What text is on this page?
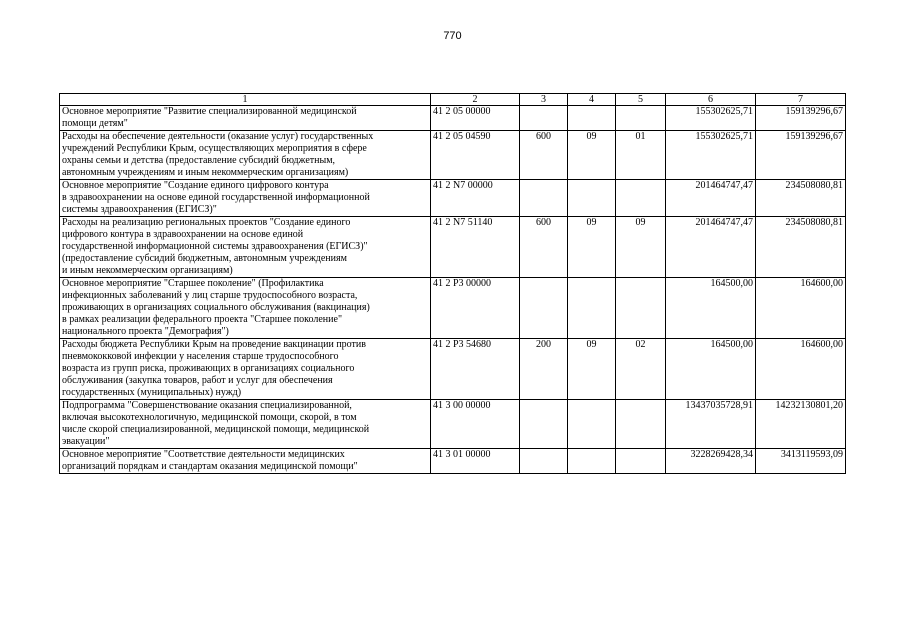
770
1	2	3	4	5	6	7

Основное мероприятие "Развитие специализированной медицинской
помощи детям"	41 2 05 00000				155302625,71	159139296,67

Расходы на обеспечение деятельности (оказание услуг) государственных
учреждений Республики Крым, осуществляющих мероприятия в сфере
охраны семьи и детства (предоставление субсидий бюджетным,
автономным учреждениям и иным некоммерческим организациям)	41 2 05 04590	600	09	01	155302625,71	159139296,67

Основное мероприятие "Создание единого цифрового контура
в здравоохранении на основе единой государственной информационной
системы здравоохранения (ЕГИСЗ)"	41 2 N7 00000				201464747,47	234508080,81

Расходы на реализацию региональных проектов "Создание единого
цифрового контура в здравоохранении на основе единой
государственной информационной системы здравоохранения (ЕГИСЗ)"
(предоставление субсидий бюджетным, автономным учреждениям
и иным некоммерческим организациям)	41 2 N7 51140	600	09	09	201464747,47	234508080,81

Основное мероприятие "Старшее поколение" (Профилактика
инфекционных заболеваний у лиц старше трудоспособного возраста,
проживающих в организациях социального обслуживания (вакцинация)
в рамках реализации федерального проекта "Старшее поколение"
национального проекта "Демография")	41 2 P3 00000				164500,00	164600,00

Расходы бюджета Республики Крым на проведение вакцинации против
пневмококковой инфекции у населения старше трудоспособного
возраста из групп риска, проживающих в организациях социального
обслуживания (закупка товаров, работ и услуг для обеспечения
государственных (муниципальных) нужд)	41 2 P3 54680	200	09	02	164500,00	164600,00

Подпрограмма "Совершенствование оказания специализированной,
включая высокотехнологичную, медицинской помощи, скорой, в том
числе скорой специализированной, медицинской помощи, медицинской
эвакуации"	41 3 00 00000				13437035728,91	14232130801,20

Основное мероприятие "Соответствие деятельности медицинских
организаций порядкам и стандартам оказания медицинской помощи"	41 3 01 00000				3228269428,34	3413119593,09
